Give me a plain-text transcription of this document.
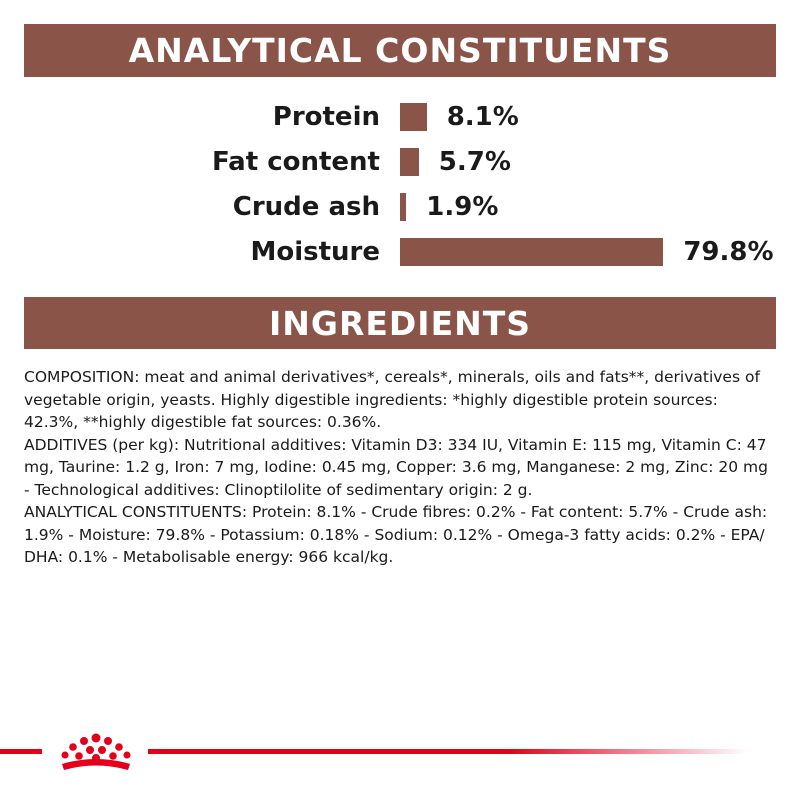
ANALYTICAL CONSTITUENTS
Protein	8.1%
Fat content 5.7%
Crude ash 1.9%
Moisture	79.8%
INGREDIENTS

COMPOSITION: meat and animal derivatives*, cereals*, minerals, oils and fats**, derivatives of vegetable origin, yeasts. Highly digestible ingredients: *highly digestible protein sources: 42.3%, **highly digestible fat sources: 0.36%.

ADDITIVES (per kg): Nutritional additives: Vitamin D3: 334 IU, Vitamin E: 115 mg, Vitamin C: 47 mg, Taurine: 1.2 g, Iron: 7 mg, Iodine: 0.45 mg, Copper: 3.6 mg, Manganese: 2 mg, Zinc: 20 mg - Technological additives: Clinoptilolite of sedimentary origin: 2 g.

ANALYTICAL CONSTITUENTS: Protein: 8.1% - Crude fibres: 0.2% - Fat content: 5.7% - Crude ash: 1.9% - Moisture: 79.8% - Potassium: 0.18% - Sodium: 0.12% - Omega-3 fatty acids: 0.2% - EPA/ DHA: 0.1% - Metabolisable energy: 966 kcal/kg.
